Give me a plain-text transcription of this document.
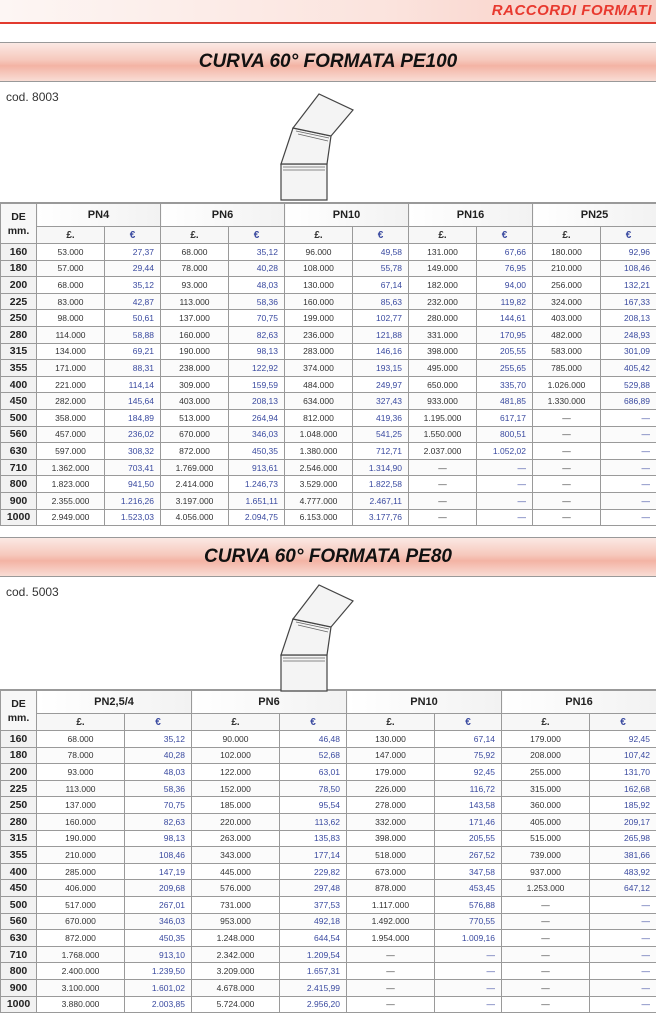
RACCORDI FORMATI
CURVA 60° FORMATA PE100
cod. 8003
DE
mm.	PN4		PN6		PN10		PN16		PN25	
	£.	€	£.	€	£.	€	£.	€	£.	€
160	53.000	27,37	68.000	35,12	96.000	49,58	131.000	67,66	180.000	92,96
180	57.000	29,44	78.000	40,28	108.000	55,78	149.000	76,95	210.000	108,46
200	68.000	35,12	93.000	48,03	130.000	67,14	182.000	94,00	256.000	132,21
225	83.000	42,87	113.000	58,36	160.000	85,63	232.000	119,82	324.000	167,33
250	98.000	50,61	137.000	70,75	199.000	102,77	280.000	144,61	403.000	208,13
280	114.000	58,88	160.000	82,63	236.000	121,88	331.000	170,95	482.000	248,93
315	134.000	69,21	190.000	98,13	283.000	146,16	398.000	205,55	583.000	301,09
355	171.000	88,31	238.000	122,92	374.000	193,15	495.000	255,65	785.000	405,42
400	221.000	114,14	309.000	159,59	484.000	249,97	650.000	335,70	1.026.000	529,88
450	282.000	145,64	403.000	208,13	634.000	327,43	933.000	481,85	1.330.000	686,89
500	358.000	184,89	513.000	264,94	812.000	419,36	1.195.000	617,17	—	—
560	457.000	236,02	670.000	346,03	1.048.000	541,25	1.550.000	800,51	—	—
630	597.000	308,32	872.000	450,35	1.380.000	712,71	2.037.000	1.052,02	—	—
710	1.362.000	703,41	1.769.000	913,61	2.546.000	1.314,90	—	—	—	—
800	1.823.000	941,50	2.414.000	1.246,73	3.529.000	1.822,58	—	—	—	—
900	2.355.000	1.216,26	3.197.000	1.651,11	4.777.000	2.467,11	—	—	—	—
1000	2.949.000	1.523,03	4.056.000	2.094,75	6.153.000	3.177,76	—	—	—	—
CURVA 60° FORMATA PE80
cod. 5003
DE
mm.	PN2,5/4		PN6		PN10		PN16	
	£.	€	£.	€	£.	€	£.	€
160	68.000	35,12	90.000	46,48	130.000	67,14	179.000	92,45
180	78.000	40,28	102.000	52,68	147.000	75,92	208.000	107,42
200	93.000	48,03	122.000	63,01	179.000	92,45	255.000	131,70
225	113.000	58,36	152.000	78,50	226.000	116,72	315.000	162,68
250	137.000	70,75	185.000	95,54	278.000	143,58	360.000	185,92
280	160.000	82,63	220.000	113,62	332.000	171,46	405.000	209,17
315	190.000	98,13	263.000	135,83	398.000	205,55	515.000	265,98
355	210.000	108,46	343.000	177,14	518.000	267,52	739.000	381,66
400	285.000	147,19	445.000	229,82	673.000	347,58	937.000	483,92
450	406.000	209,68	576.000	297,48	878.000	453,45	1.253.000	647,12
500	517.000	267,01	731.000	377,53	1.117.000	576,88	—	—
560	670.000	346,03	953.000	492,18	1.492.000	770,55	—	—
630	872.000	450,35	1.248.000	644,54	1.954.000	1.009,16	—	—
710	1.768.000	913,10	2.342.000	1.209,54	—	—	—	—
800	2.400.000	1.239,50	3.209.000	1.657,31	—	—	—	—
900	3.100.000	1.601,02	4.678.000	2.415,99	—	—	—	—
1000	3.880.000	2.003,85	5.724.000	2.956,20	—	—	—	—
